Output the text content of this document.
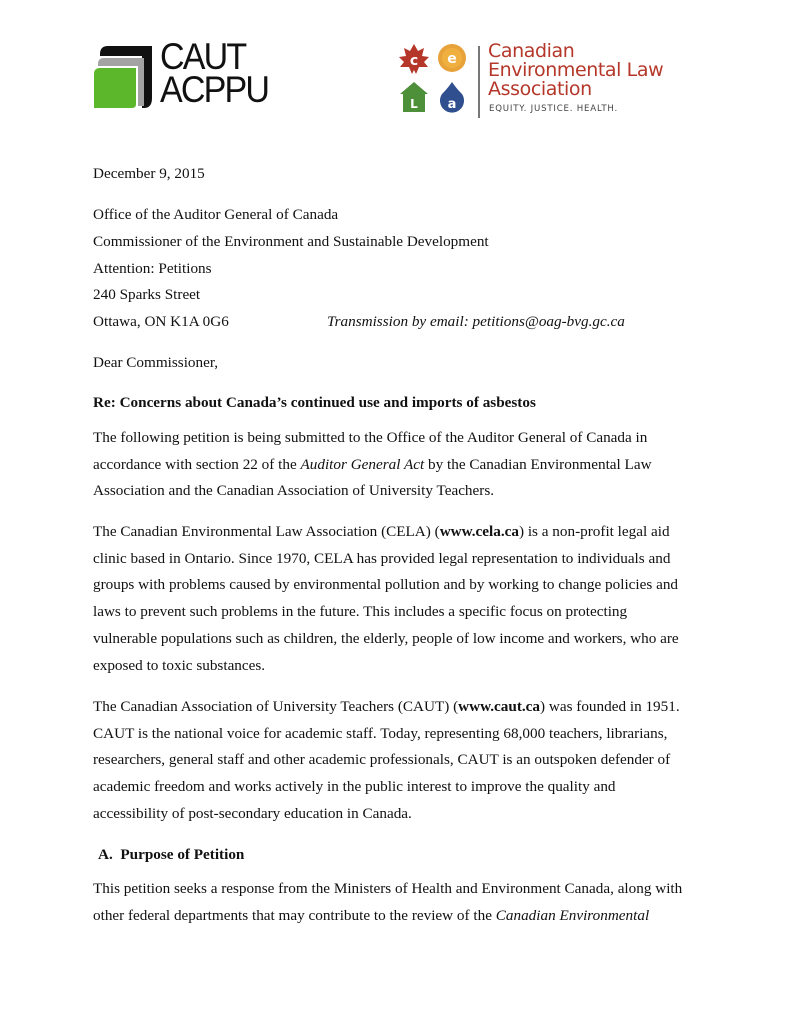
CAUT
ACPPU
c e
L a
Canadian
Environmental Law
Association
EQUITY. JUSTICE. HEALTH.
December 9, 2015
Office of the Auditor General of Canada
Commissioner of the Environment and Sustainable Development
Attention: Petitions
240 Sparks Street
Ottawa, ON K1A 0G6	Transmission by email: petitions@oag-bvg.gc.ca
Dear Commissioner,
Re: Concerns about Canada’s continued use and imports of asbestos
The following petition is being submitted to the Office of the Auditor General of Canada in
accordance with section 22 of the Auditor General Act by the Canadian Environmental Law
Association and the Canadian Association of University Teachers.
The Canadian Environmental Law Association (CELA) (www.cela.ca) is a non-profit legal aid
clinic based in Ontario. Since 1970, CELA has provided legal representation to individuals and
groups with problems caused by environmental pollution and by working to change policies and
laws to prevent such problems in the future. This includes a specific focus on protecting
vulnerable populations such as children, the elderly, people of low income and workers, who are
exposed to toxic substances.
The Canadian Association of University Teachers (CAUT) (www.caut.ca) was founded in 1951.
CAUT is the national voice for academic staff. Today, representing 68,000 teachers, librarians,
researchers, general staff and other academic professionals, CAUT is an outspoken defender of
academic freedom and works actively in the public interest to improve the quality and
accessibility of post-secondary education in Canada.
A. Purpose of Petition
This petition seeks a response from the Ministers of Health and Environment Canada, along with
other federal departments that may contribute to the review of the Canadian Environmental
